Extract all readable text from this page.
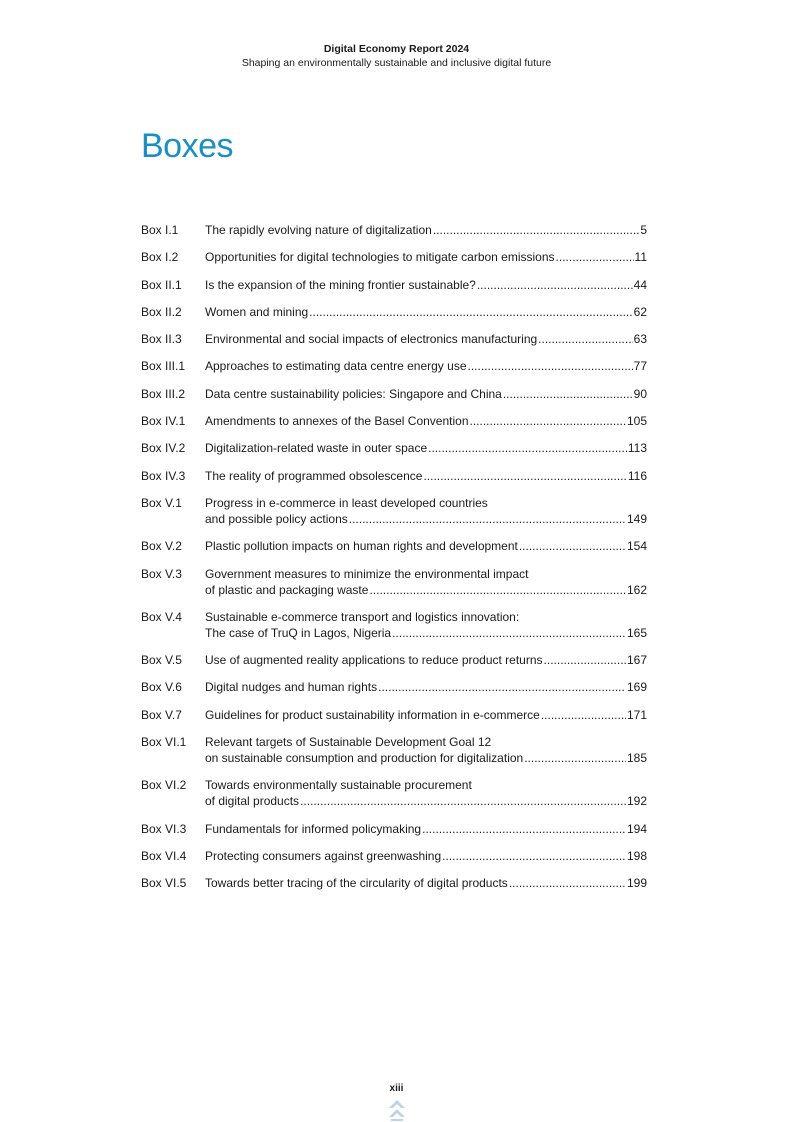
Digital Economy Report 2024
Shaping an environmentally sustainable and inclusive digital future
Boxes
Box I.1	The rapidly evolving nature of digitalization .....	5
Box I.2	Opportunities for digital technologies to mitigate carbon emissions .....	11
Box II.1	Is the expansion of the mining frontier sustainable? .....	44
Box II.2	Women and mining .....	62
Box II.3	Environmental and social impacts of electronics manufacturing .....	63
Box III.1	Approaches to estimating data centre energy use .....	77
Box III.2	Data centre sustainability policies: Singapore and China .....	90
Box IV.1	Amendments to annexes of the Basel Convention .....	105
Box IV.2	Digitalization-related waste in outer space .....	113
Box IV.3	The reality of programmed obsolescence .....	116
Box V.1	Progress in e-commerce in least developed countries
and possible policy actions .....	149
Box V.2	Plastic pollution impacts on human rights and development .....	154
Box V.3	Government measures to minimize the environmental impact
of plastic and packaging waste .....	162
Box V.4	Sustainable e-commerce transport and logistics innovation:
The case of TruQ in Lagos, Nigeria .....	165
Box V.5	Use of augmented reality applications to reduce product returns .....	167
Box V.6	Digital nudges and human rights .....	169
Box V.7	Guidelines for product sustainability information in e-commerce .....	171
Box VI.1	Relevant targets of Sustainable Development Goal 12
on sustainable consumption and production for digitalization .....	185
Box VI.2	Towards environmentally sustainable procurement
of digital products .....	192
Box VI.3	Fundamentals for informed policymaking .....	194
Box VI.4	Protecting consumers against greenwashing .....	198
Box VI.5	Towards better tracing of the circularity of digital products .....	199
xiii
